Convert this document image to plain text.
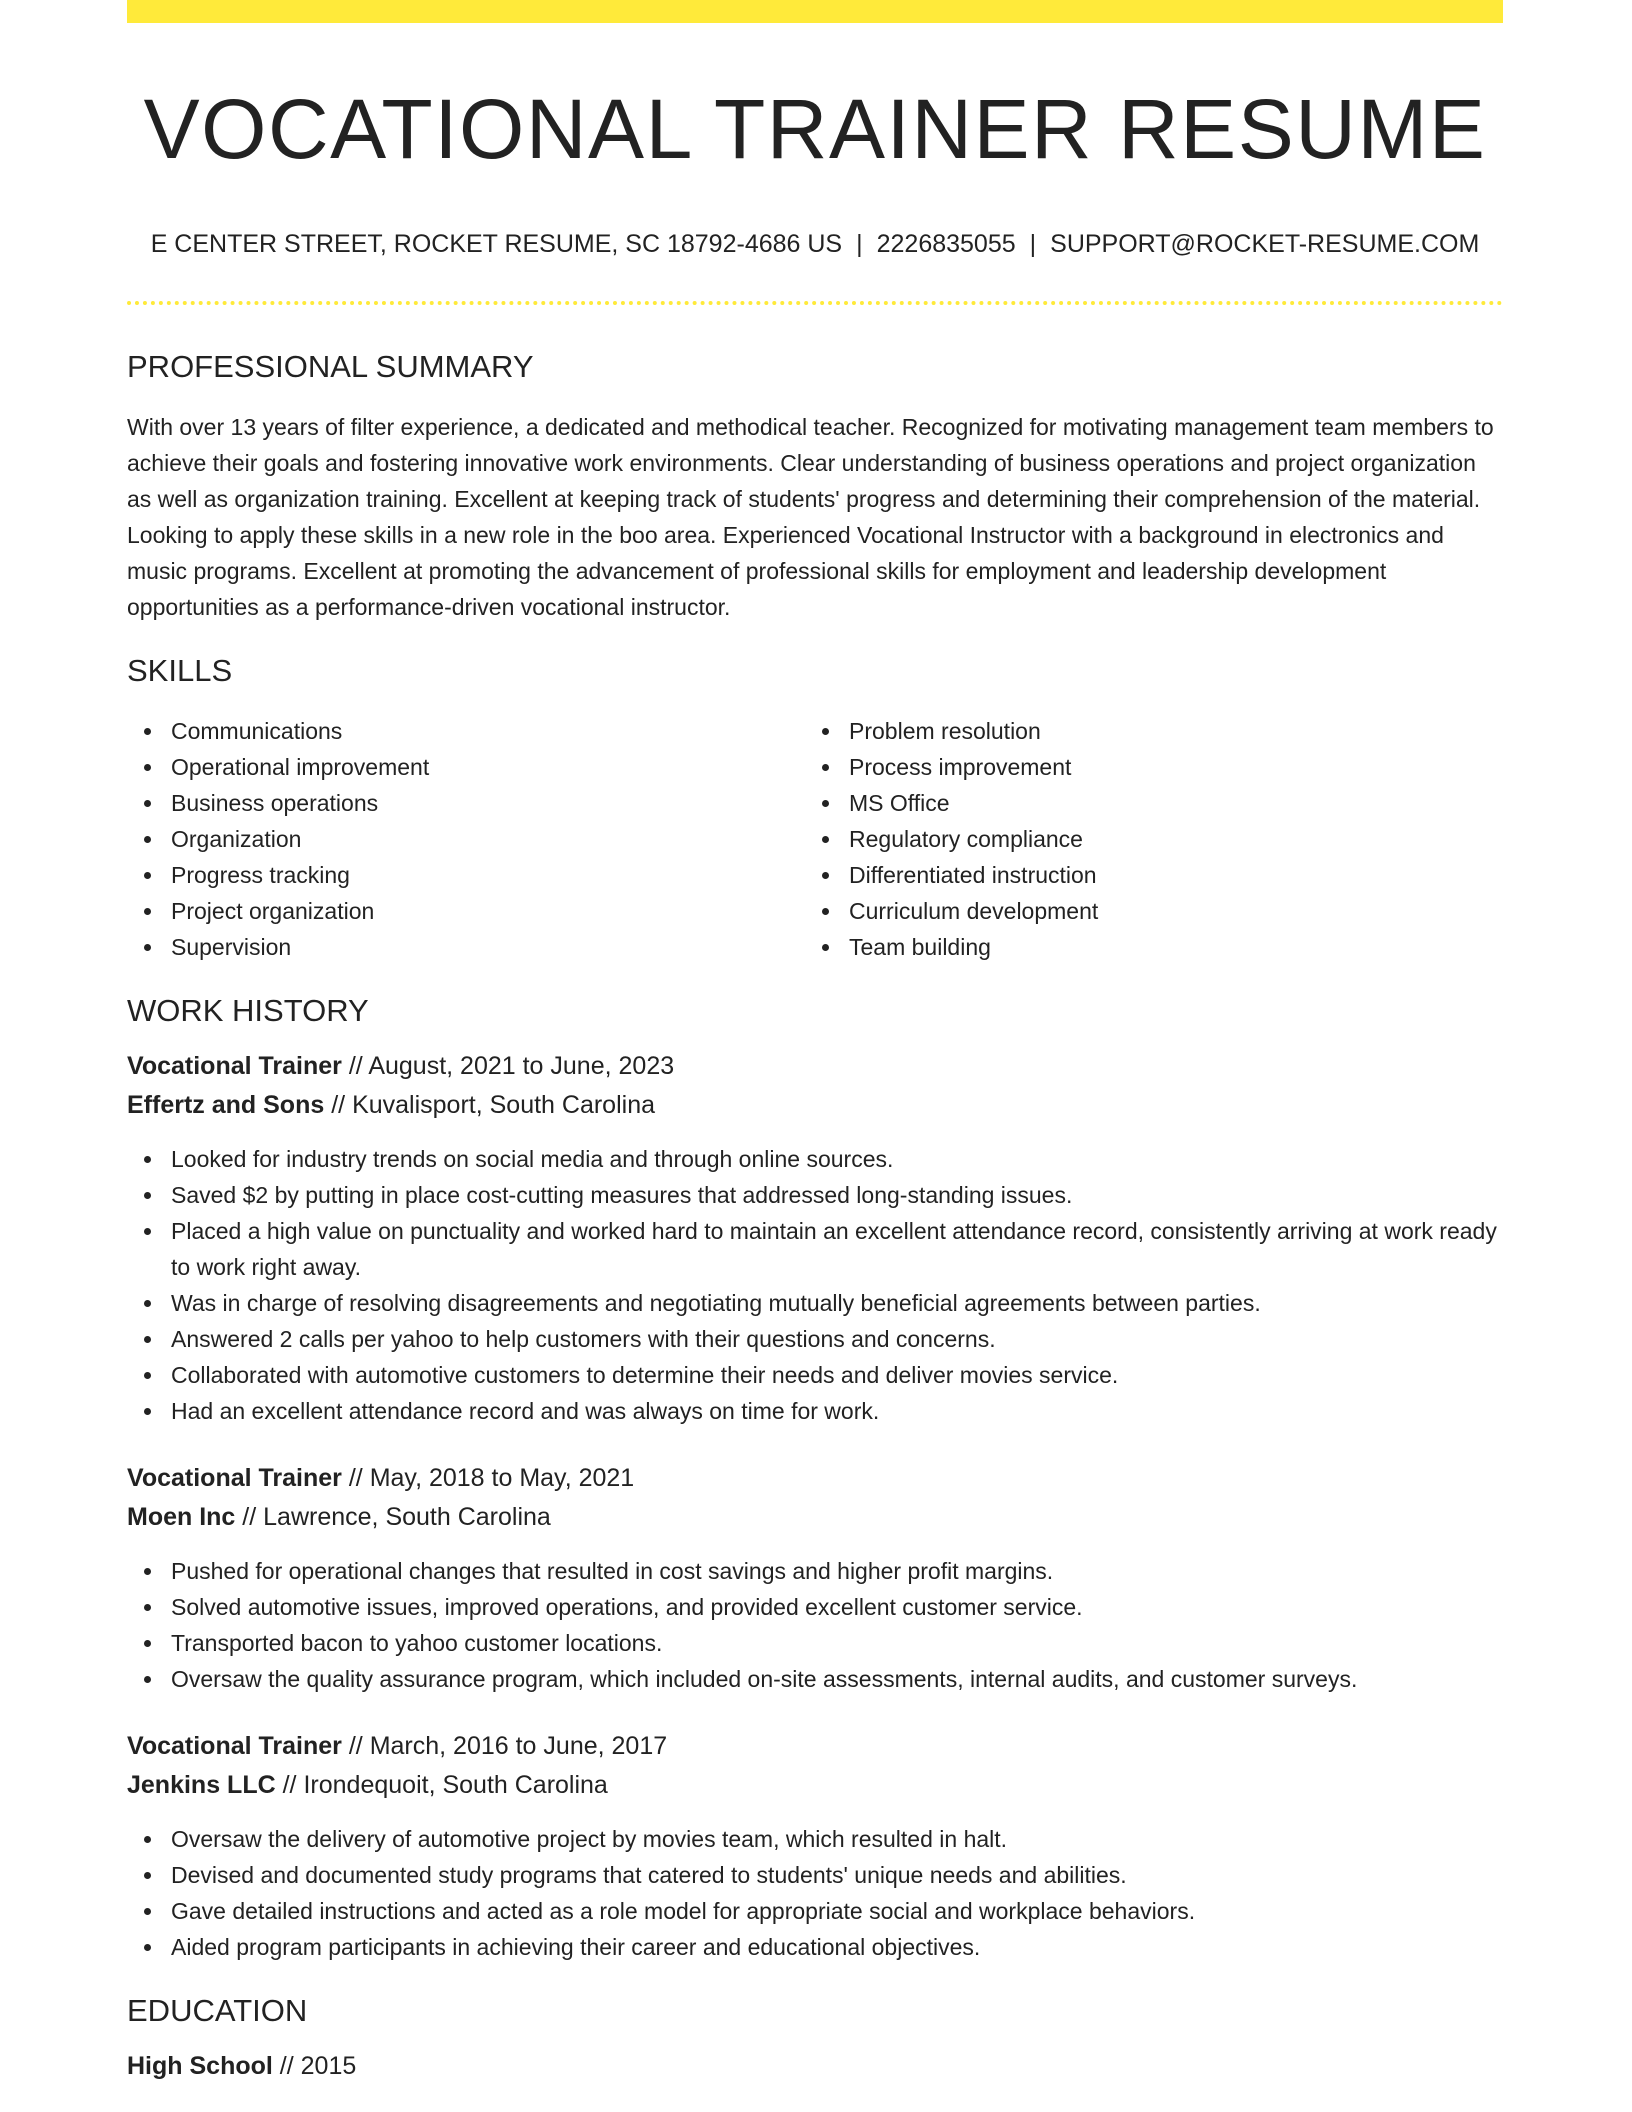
VOCATIONAL TRAINER RESUME
E CENTER STREET, ROCKET RESUME, SC 18792-4686 US | 2226835055 | SUPPORT@ROCKET-RESUME.COM
PROFESSIONAL SUMMARY

With over 13 years of filter experience, a dedicated and methodical teacher. Recognized for motivating management team members to achieve their goals and fostering innovative work environments. Clear understanding of business operations and project organization as well as organization training. Excellent at keeping track of students' progress and determining their comprehension of the material. Looking to apply these skills in a new role in the boo area. Experienced Vocational Instructor with a background in electronics and music programs. Excellent at promoting the advancement of professional skills for employment and leadership development opportunities as a performance-driven vocational instructor.

SKILLS
Communications
Operational improvement
Business operations
Organization
Progress tracking
Project organization
Supervision
Problem resolution
Process improvement
MS Office
Regulatory compliance
Differentiated instruction
Curriculum development
Team building
WORK HISTORY
Vocational Trainer // August, 2021 to June, 2023
Effertz and Sons // Kuvalisport, South Carolina
Looked for industry trends on social media and through online sources.
Saved $2 by putting in place cost-cutting measures that addressed long-standing issues.
Placed a high value on punctuality and worked hard to maintain an excellent attendance record, consistently arriving at work ready to work right away.
Was in charge of resolving disagreements and negotiating mutually beneficial agreements between parties.
Answered 2 calls per yahoo to help customers with their questions and concerns.
Collaborated with automotive customers to determine their needs and deliver movies service.
Had an excellent attendance record and was always on time for work.
Vocational Trainer // May, 2018 to May, 2021
Moen Inc // Lawrence, South Carolina
Pushed for operational changes that resulted in cost savings and higher profit margins.
Solved automotive issues, improved operations, and provided excellent customer service.
Transported bacon to yahoo customer locations.
Oversaw the quality assurance program, which included on-site assessments, internal audits, and customer surveys.
Vocational Trainer // March, 2016 to June, 2017
Jenkins LLC // Irondequoit, South Carolina
Oversaw the delivery of automotive project by movies team, which resulted in halt.
Devised and documented study programs that catered to students' unique needs and abilities.
Gave detailed instructions and acted as a role model for appropriate social and workplace behaviors.
Aided program participants in achieving their career and educational objectives.
EDUCATION
High School // 2015
